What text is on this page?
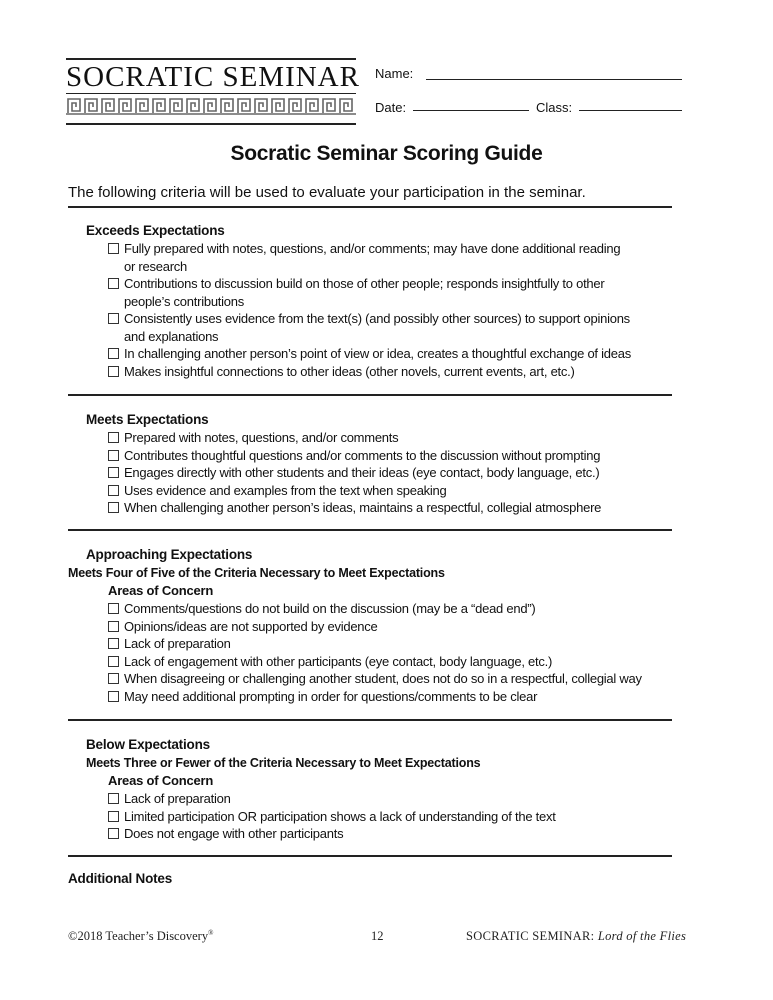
SOCRATIC SEMINAR Name:
Date:	Class:
Socratic Seminar Scoring Guide
The following criteria will be used to evaluate your participation in the seminar.
Exceeds Expectations
Fully prepared with notes, questions, and/or comments; may have done additional reading
or research
Contributions to discussion build on those of other people; responds insightfully to other
people’s contributions
Consistently uses evidence from the text(s) (and possibly other sources) to support opinions
and explanations
In challenging another person’s point of view or idea, creates a thoughtful exchange of ideas
Makes insightful connections to other ideas (other novels, current events, art, etc.)
Meets Expectations
Prepared with notes, questions, and/or comments
Contributes thoughtful questions and/or comments to the discussion without prompting
Engages directly with other students and their ideas (eye contact, body language, etc.)
Uses evidence and examples from the text when speaking
When challenging another person’s ideas, maintains a respectful, collegial atmosphere
Approaching Expectations
Meets Four of Five of the Criteria Necessary to Meet Expectations
Areas of Concern
Comments/questions do not build on the discussion (may be a “dead end”)
Opinions/ideas are not supported by evidence
Lack of preparation
Lack of engagement with other participants (eye contact, body language, etc.)
When disagreeing or challenging another student, does not do so in a respectful, collegial way
May need additional prompting in order for questions/comments to be clear
Below Expectations
Meets Three or Fewer of the Criteria Necessary to Meet Expectations
Areas of Concern
Lack of preparation
Limited participation OR participation shows a lack of understanding of the text
Does not engage with other participants
Additional Notes
©2018 Teacher’s Discovery®	12	SOCRATIC SEMINAR: Lord of the Flies
